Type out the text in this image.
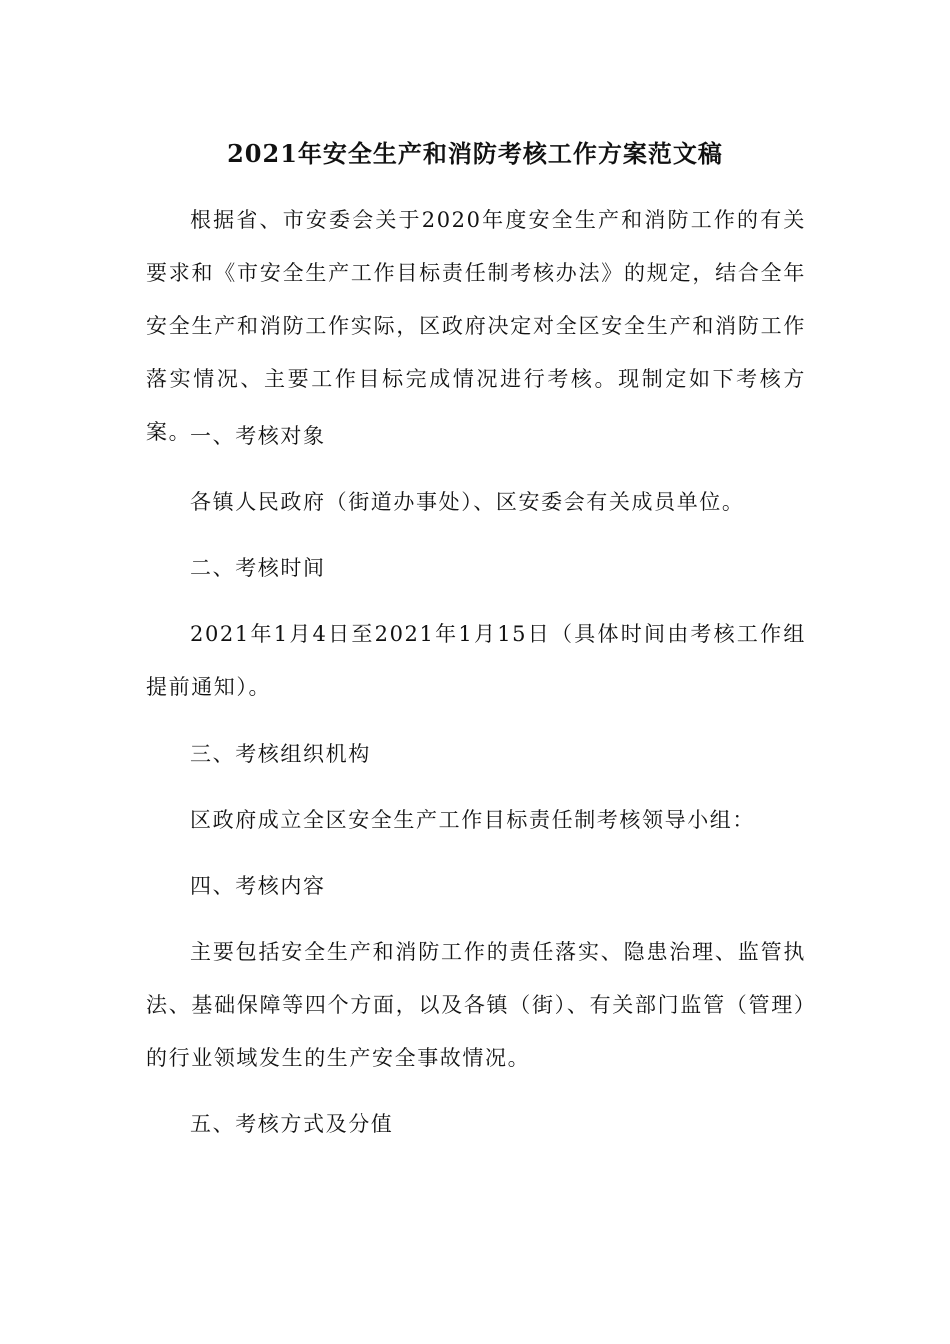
2021年安全生产和消防考核工作方案范文稿

根据省、市安委会关于2020年度安全生产和消防工作的有关要求和《市安全生产工作目标责任制考核办法》的规定，结合全年安全生产和消防工作实际，区政府决定对全区安全生产和消防工作落实情况、主要工作目标完成情况进行考核。现制定如下考核方案。

一、考核对象

各镇人民政府（街道办事处）、区安委会有关成员单位。

二、考核时间

2021年1月4日至2021年1月15日（具体时间由考核工作组提前通知）。

三、考核组织机构

区政府成立全区安全生产工作目标责任制考核领导小组：

四、考核内容

主要包括安全生产和消防工作的责任落实、隐患治理、监管执法、基础保障等四个方面，以及各镇（街）、有关部门监管（管理）的行业领域发生的生产安全事故情况。

五、考核方式及分值
